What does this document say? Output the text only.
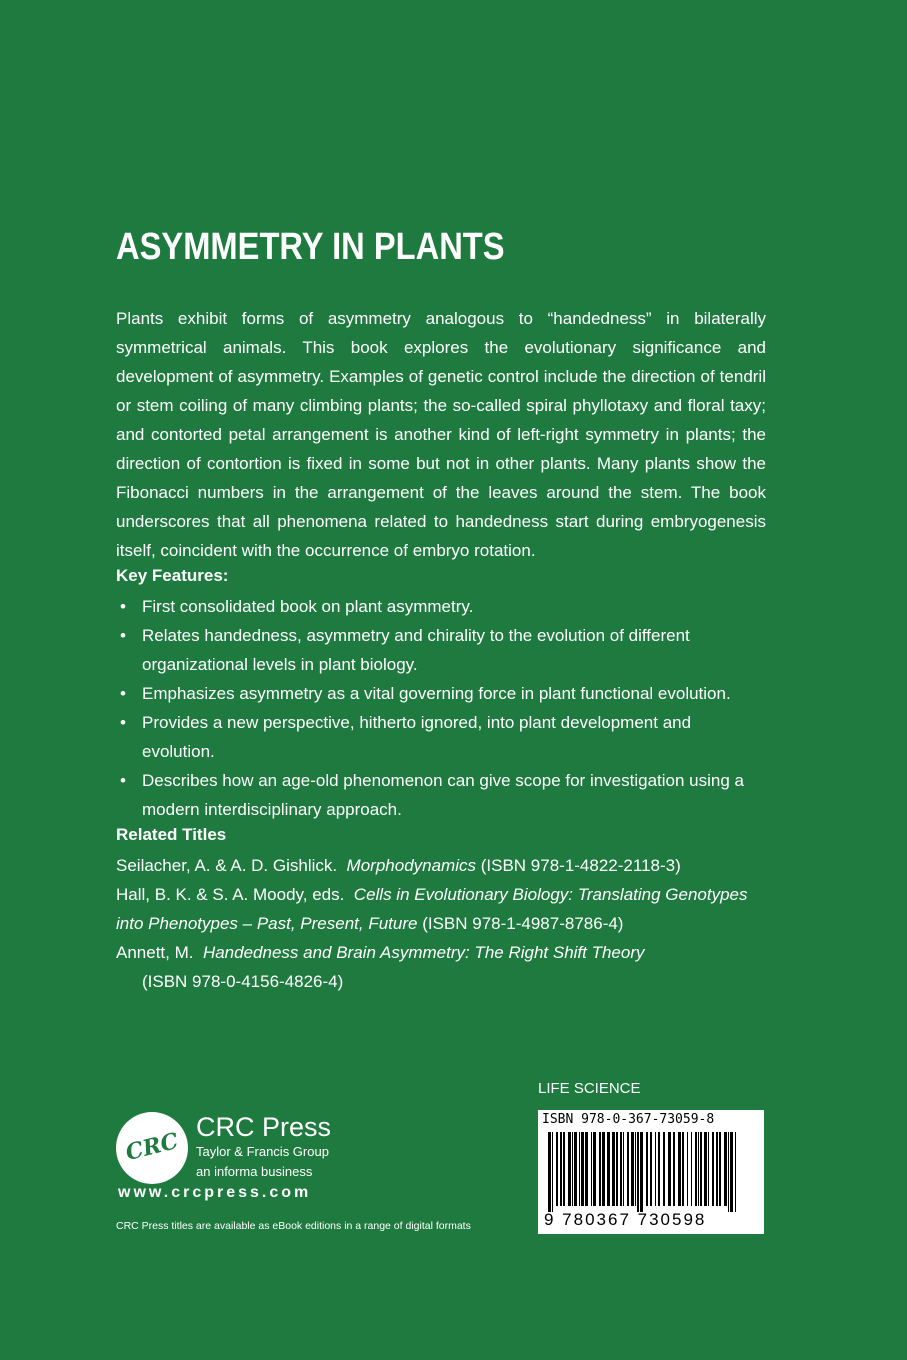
ASYMMETRY IN PLANTS
Plants exhibit forms of asymmetry analogous to “handedness” in bilaterally symmetrical animals. This book explores the evolutionary significance and development of asymmetry. Examples of genetic control include the direction of tendril or stem coiling of many climbing plants; the so-called spiral phyllotaxy and floral taxy; and contorted petal arrangement is another kind of left-right symmetry in plants; the direction of contortion is fixed in some but not in other plants. Many plants show the Fibonacci numbers in the arrangement of the leaves around the stem. The book underscores that all phenomena related to handedness start during embryogenesis itself, coincident with the occurrence of embryo rotation.
Key Features:
• First consolidated book on plant asymmetry.
• Relates handedness, asymmetry and chirality to the evolution of different organizational levels in plant biology.
• Emphasizes asymmetry as a vital governing force in plant functional evolution.
• Provides a new perspective, hitherto ignored, into plant development and evolution.
• Describes how an age-old phenomenon can give scope for investigation using a modern interdisciplinary approach.
Related Titles
Seilacher, A. & A. D. Gishlick. Morphodynamics (ISBN 978-1-4822-2118-3)
Hall, B. K. & S. A. Moody, eds. Cells in Evolutionary Biology: Translating Genotypes into Phenotypes – Past, Present, Future (ISBN 978-1-4987-8786-4)
Annett, M. Handedness and Brain Asymmetry: The Right Shift Theory
(ISBN 978-0-4156-4826-4)
CRC
CRC Press
Taylor & Francis Group
an informa business
www.crcpress.com
CRC Press titles are available as eBook editions in a range of digital formats
LIFE SCIENCE
ISBN 978-0-367-73059-8
9 780367 730598
